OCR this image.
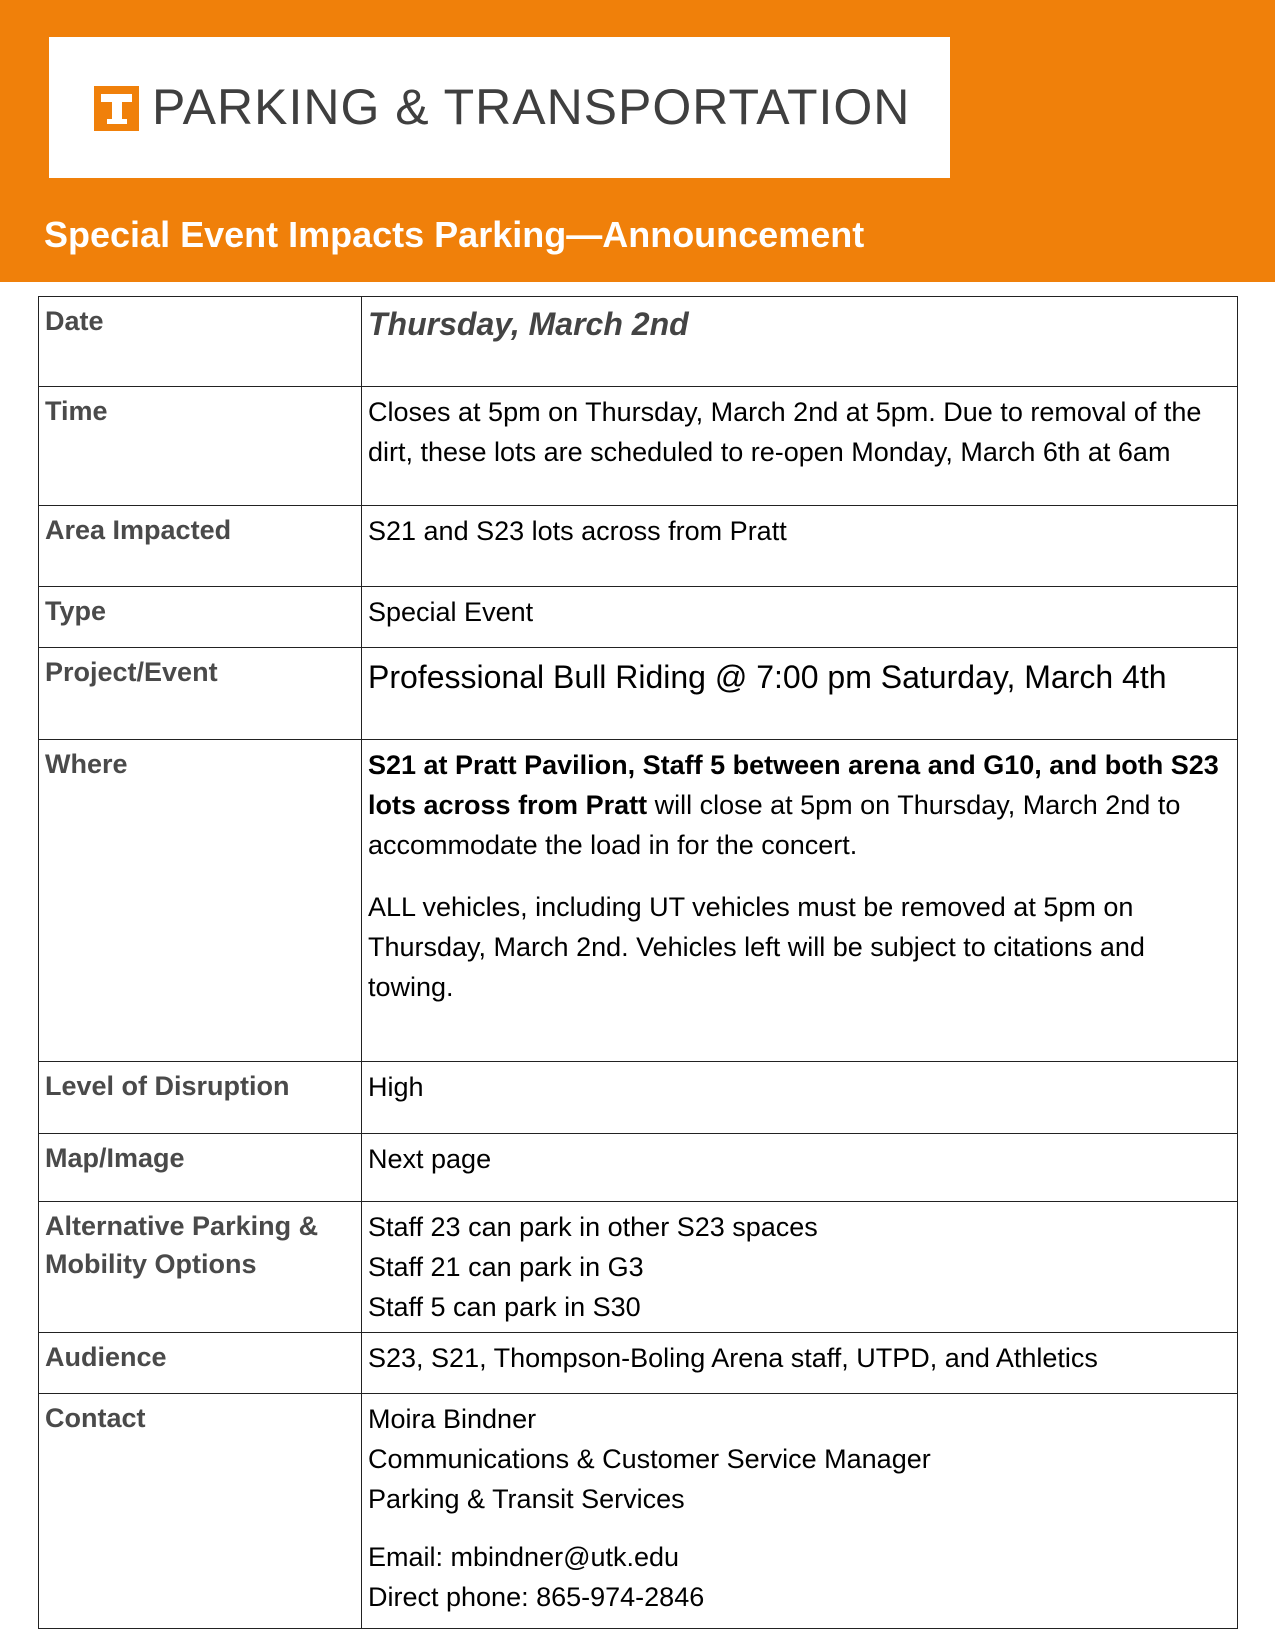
PARKING & TRANSPORTATION
Special Event Impacts Parking—Announcement
Date	Thursday, March 2nd
Time	Closes at 5pm on Thursday, March 2nd at 5pm. Due to removal of the dirt, these lots are scheduled to re-open Monday, March 6th at 6am
Area Impacted	S21 and S23 lots across from Pratt
Type	Special Event
Project/Event	Professional Bull Riding @ 7:00 pm Saturday, March 4th
Where	S21 at Pratt Pavilion, Staff 5 between arena and G10, and both S23 lots across from Pratt will close at 5pm on Thursday, March 2nd to accommodate the load in for the concert.
ALL vehicles, including UT vehicles must be removed at 5pm on Thursday, March 2nd. Vehicles left will be subject to citations and towing.

Level of Disruption	High
Map/Image	Next page
Alternative Parking & Mobility Options	Staff 23 can park in other S23 spaces
Staff 21 can park in G3
Staff 5 can park in S30

Audience	S23, S21, Thompson-Boling Arena staff, UTPD, and Athletics
Contact	Moira Bindner
Communications & Customer Service Manager
Parking & Transit Services
Email: mbindner@utk.edu
Direct phone: 865-974-2846
